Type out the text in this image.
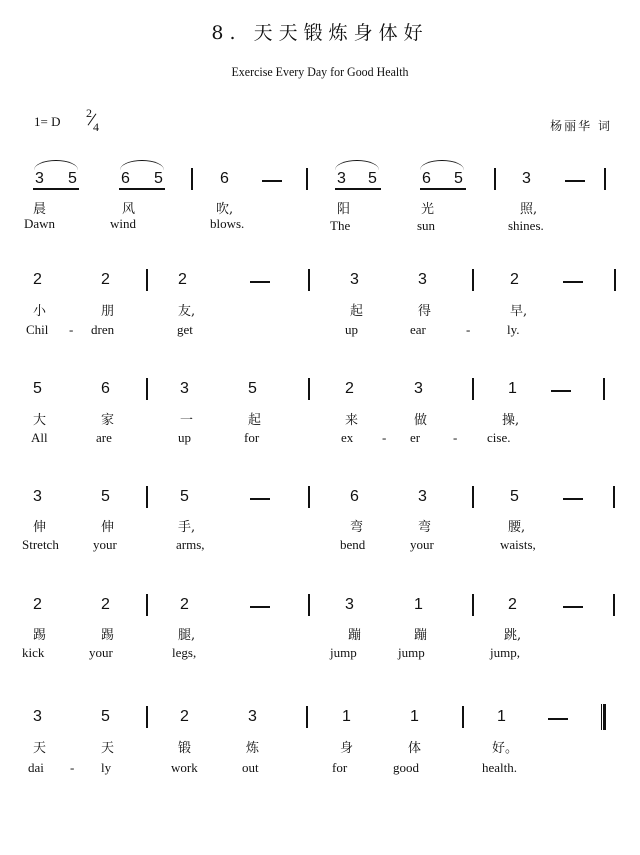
8. 天天锻炼身体好
Exercise Every Day for Good Health
1= D
2
4	杨丽华 词
3 5	6 5	6	3 5	6 5	3
晨	风	吹,	阳	光	照,
Dawn	wind	blows.	The	sun	shines.
2	2	2	3	3	2
小	朋	友,	起	得	早,
Chil - dren	get	up	ear	-	ly.
5	6	3	5	2	3	1
大	家	一	起	来	做	操,
All	are	up	for	ex - er	- cise.
3	5	5	6	3	5
伸	伸	手,	弯	弯	腰,
Stretch	your	arms,	bend	your	waists,
2	2	2	3	1	2
踢	踢	腿,	蹦	蹦	跳,
kick	your	legs,	jump	jump	jump,
3	5	2	3	1	1	1
天	天	锻	炼	身	体	好。
dai - ly	work	out	for	good	health.
